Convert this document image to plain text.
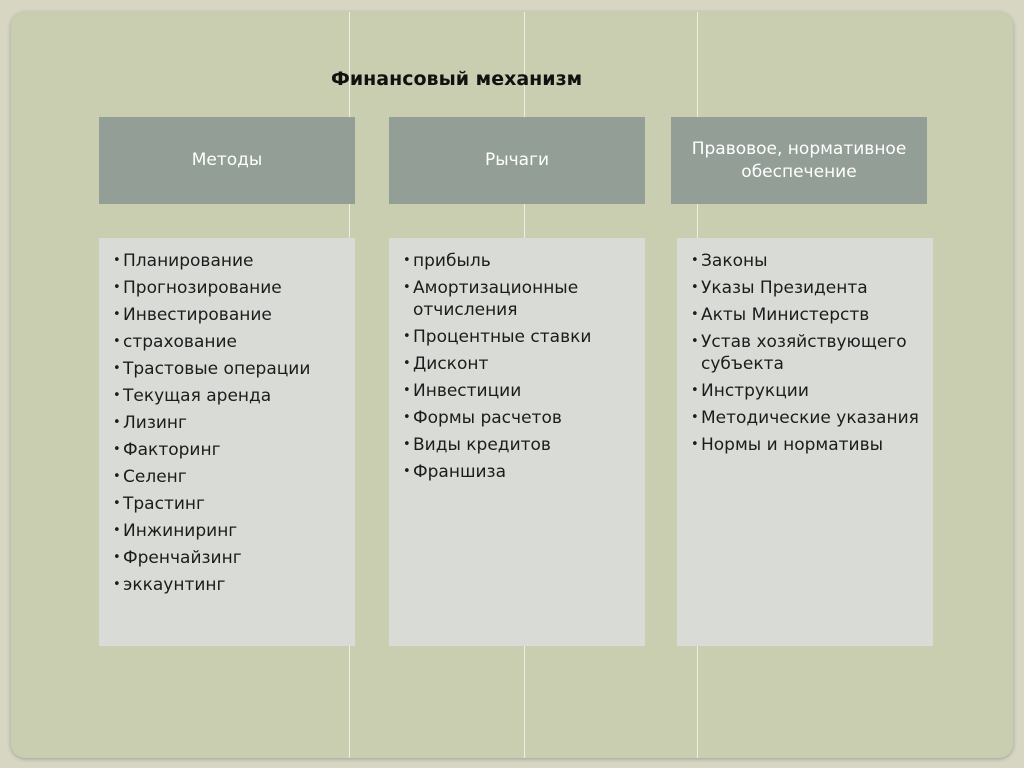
Финансовый механизм
Методы	Рычаги
Правовое, нормативное обеспечение
• Планирование
• Прогнозирование
• Инвестирование
• страхование
• Трастовые операции
• Текущая аренда
• Лизинг
• Факторинг
• Селенг
• Трастинг
• Инжиниринг
• Френчайзинг
• эккаунтинг
• прибыль
• Амортизационные отчисления
• Процентные ставки
• Дисконт
• Инвестиции
• Формы расчетов
• Виды кредитов
• Франшиза
• Законы
• Указы Президента
• Акты Министерств
• Устав хозяйствующего субъекта
• Инструкции
• Методические указания
• Нормы и нормативы
